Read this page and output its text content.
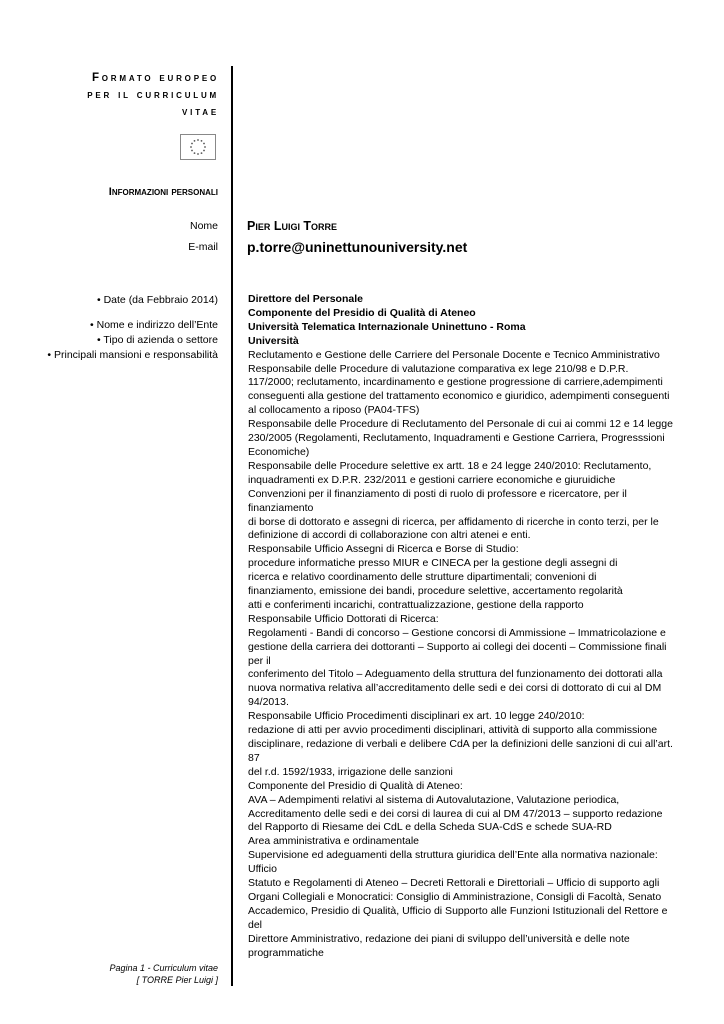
Formato europeo
per il curriculum
vitae
Informazioni personali
Nome
E-mail
Pier Luigi Torre
p.torre@uninettunouniversity.net
• Date (da Febbraio 2014)
• Nome e indirizzo dell’Ente
• Tipo di azienda o settore
• Principali mansioni e responsabilità
Direttore del Personale
Componente del Presidio di Qualità di Ateneo
Università Telematica Internazionale Uninettuno - Roma
Università
Reclutamento e Gestione delle Carriere del Personale Docente e Tecnico Amministrativo
Responsabile delle Procedure di valutazione comparativa ex lege 210/98 e D.P.R.
117/2000; reclutamento, incardinamento e gestione progressione di carriere,adempimenti
conseguenti alla gestione del trattamento economico e giuridico, adempimenti conseguenti
al collocamento a riposo (PA04-TFS)
Responsabile delle Procedure di Reclutamento del Personale di cui ai commi 12 e 14 legge
230/2005 (Regolamenti, Reclutamento, Inquadramenti e Gestione Carriera, Progresssioni
Economiche)
Responsabile delle Procedure selettive ex artt. 18 e 24 legge 240/2010: Reclutamento,
inquadramenti ex D.P.R. 232/2011 e gestioni carriere economiche e giuruidiche
Convenzioni per il finanziamento di posti di ruolo di professore e ricercatore, per il finanziamento
di borse di dottorato e assegni di ricerca, per affidamento di ricerche in conto terzi, per le
definizione di accordi di collaborazione con altri atenei e enti.
Responsabile Ufficio Assegni di Ricerca e Borse di Studio:
procedure informatiche presso MIUR e CINECA per la gestione degli assegni di
ricerca e relativo coordinamento delle strutture dipartimentali; convenioni di
finanziamento, emissione dei bandi, procedure selettive, accertamento regolarità
atti e conferimenti incarichi, contrattualizzazione, gestione della rapporto
Responsabile Ufficio Dottorati di Ricerca:
Regolamenti - Bandi di concorso – Gestione concorsi di Ammissione – Immatricolazione e
gestione della carriera dei dottoranti – Supporto ai collegi dei docenti – Commissione finali per il
conferimento del Titolo – Adeguamento della struttura del funzionamento dei dottorati alla
nuova normativa relativa all’accreditamento delle sedi e dei corsi di dottorato di cui al DM
94/2013.
Responsabile Ufficio Procedimenti disciplinari ex art. 10 legge 240/2010:
redazione di atti per avvio procedimenti disciplinari, attività di supporto alla commissione
disciplinare, redazione di verbali e delibere CdA per la definizioni delle sanzioni di cui all’art. 87
del r.d. 1592/1933, irrigazione delle sanzioni
Componente del Presidio di Qualità di Ateneo:
AVA – Adempimenti relativi al sistema di Autovalutazione, Valutazione periodica,
Accreditamento delle sedi e dei corsi di laurea di cui al DM 47/2013 – supporto redazione
del Rapporto di Riesame dei CdL e della Scheda SUA-CdS e schede SUA-RD
Area amministrativa e ordinamentale
Supervisione ed adeguamenti della struttura giuridica dell’Ente alla normativa nazionale: Ufficio
Statuto e Regolamenti di Ateneo – Decreti Rettorali e Direttoriali – Ufficio di supporto agli
Organi Collegiali e Monocratici: Consiglio di Amministrazione, Consigli di Facoltà, Senato
Accademico, Presidio di Qualità, Ufficio di Supporto alle Funzioni Istituzionali del Rettore e del
Direttore Amministrativo, redazione dei piani di sviluppo dell’università e delle note
programmatiche
Pagina 1 - Curriculum vitae
[ TORRE Pier Luigi ]
